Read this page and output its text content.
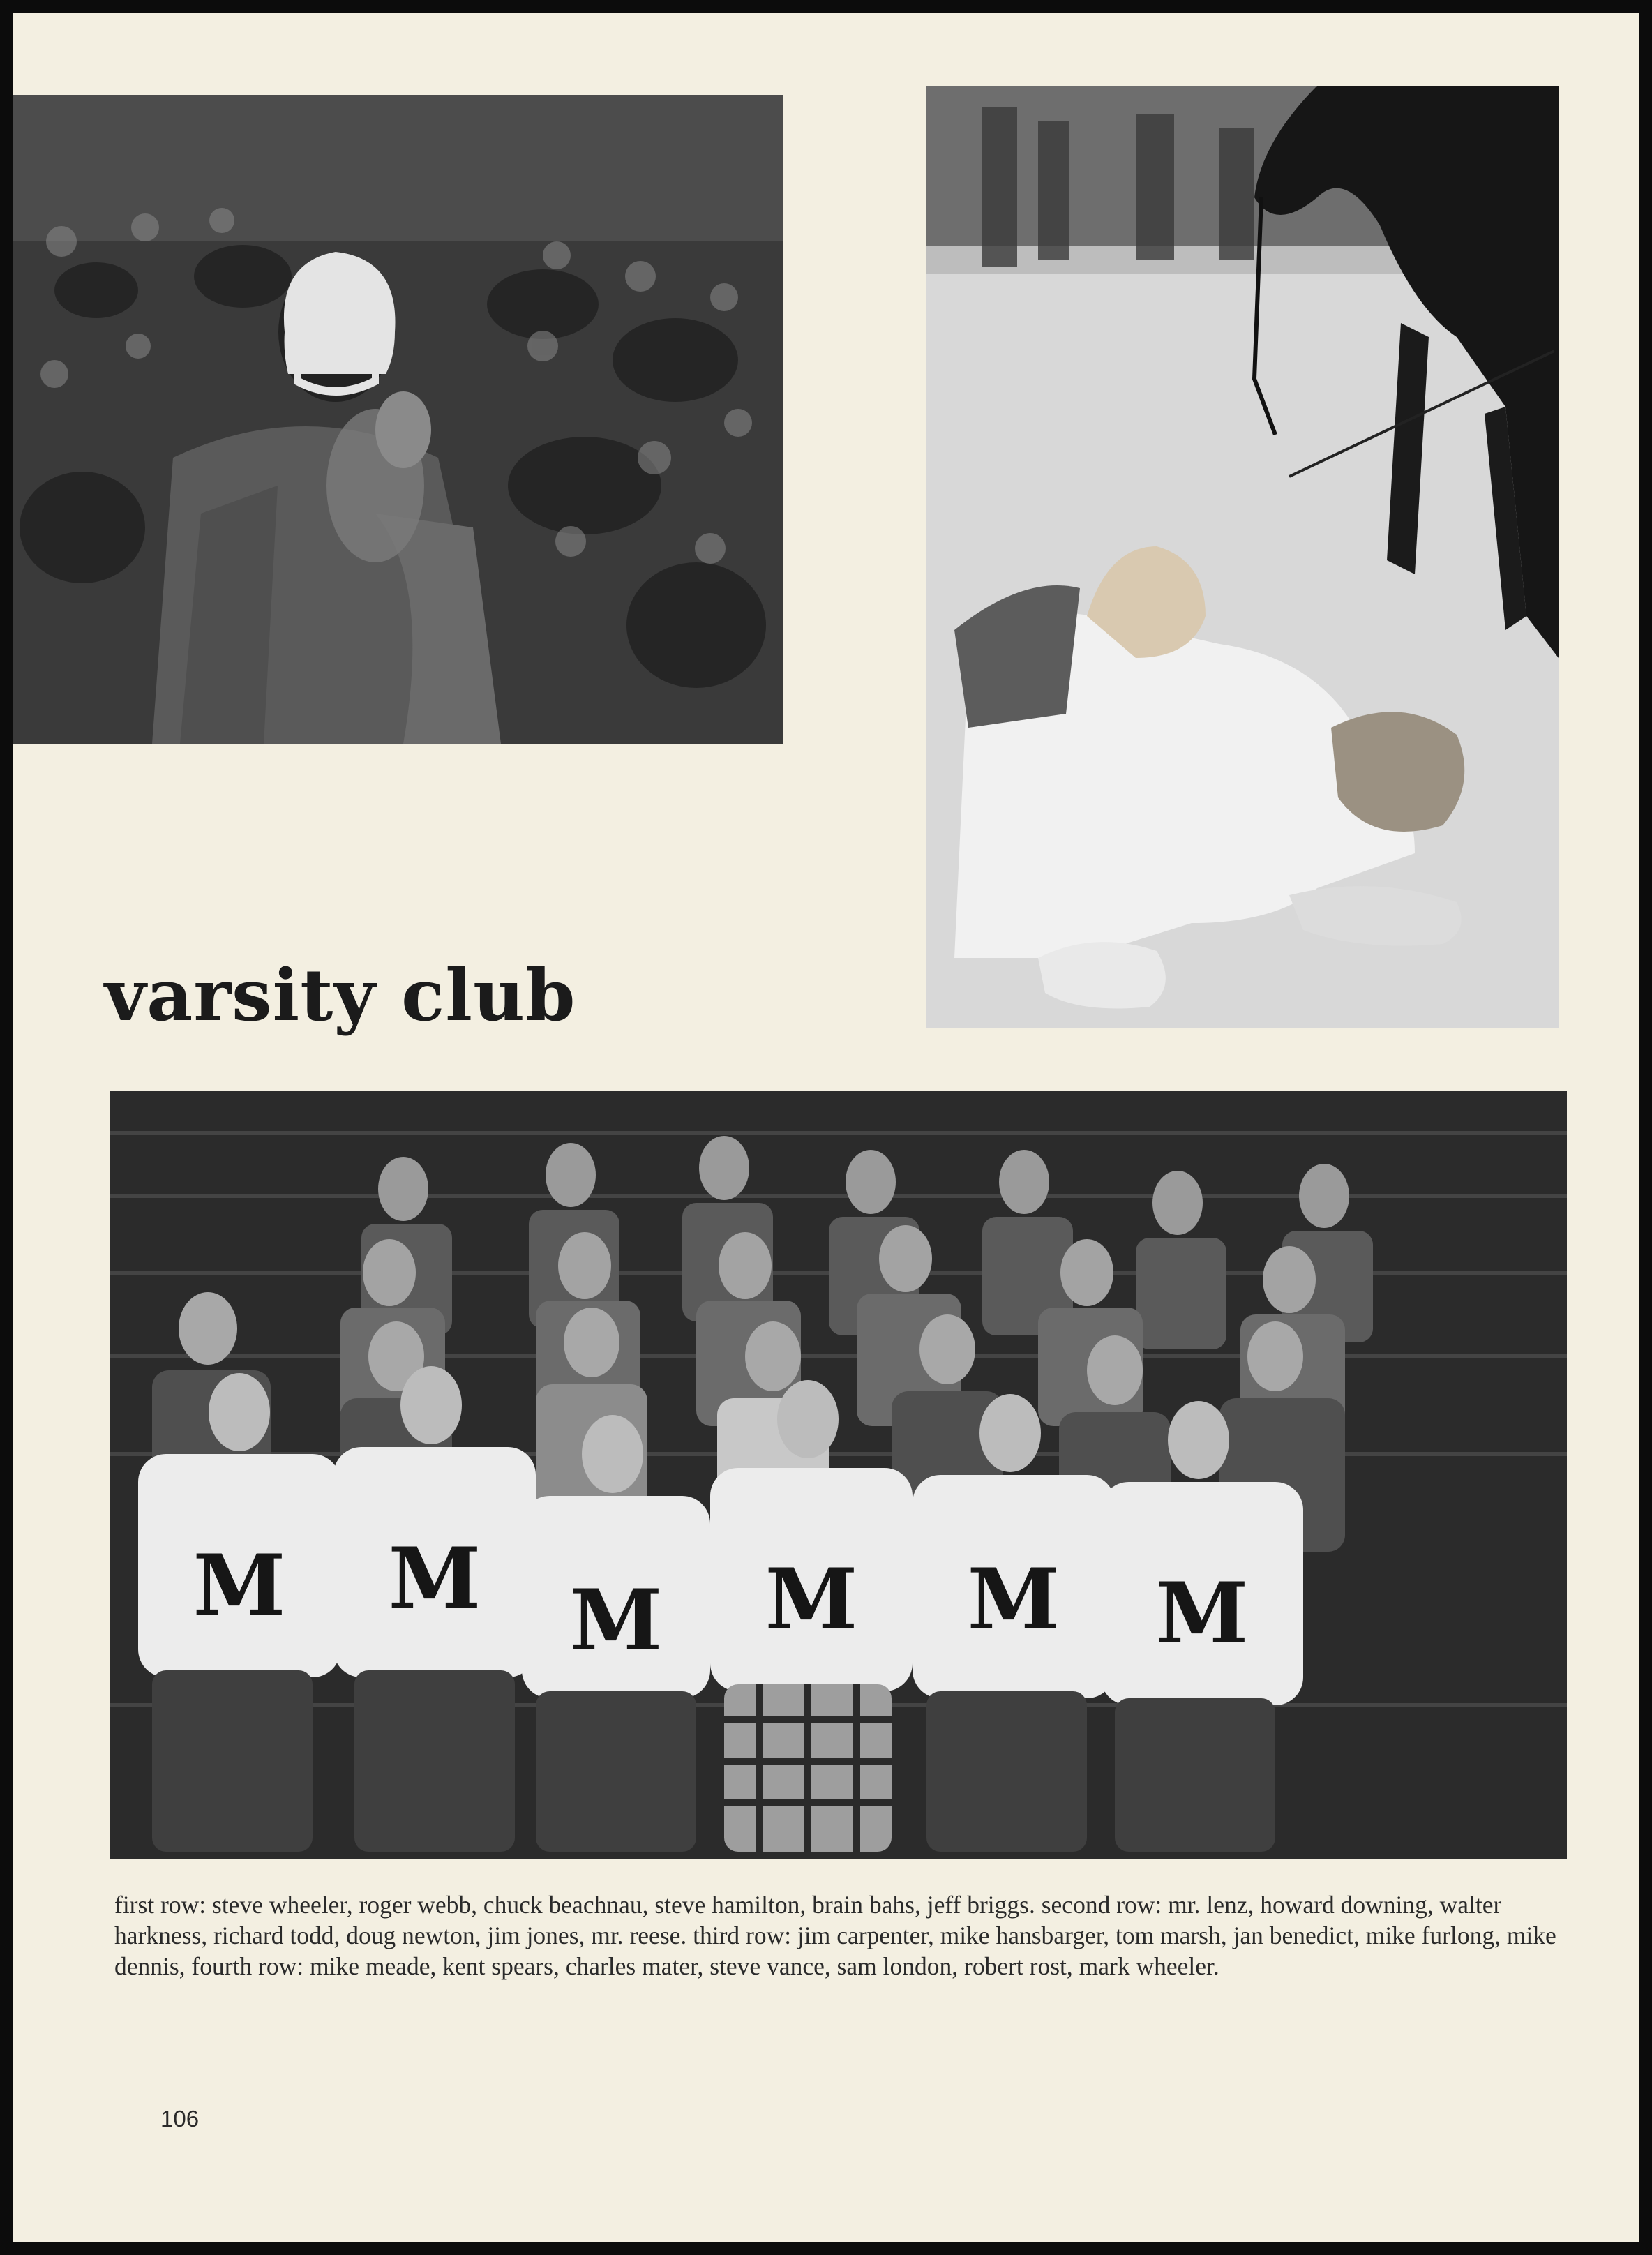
varsity club
M M M M M M

first row: steve wheeler, roger webb, chuck beachnau, steve hamilton, brain bahs, jeff briggs. second row: mr. lenz, howard downing, walter harkness, richard todd, doug newton, jim jones, mr. reese. third row: jim carpenter, mike hansbarger, tom marsh, jan benedict, mike furlong, mike dennis, fourth row: mike meade, kent spears, charles mater, steve vance, sam london, robert rost, mark wheeler.

106
